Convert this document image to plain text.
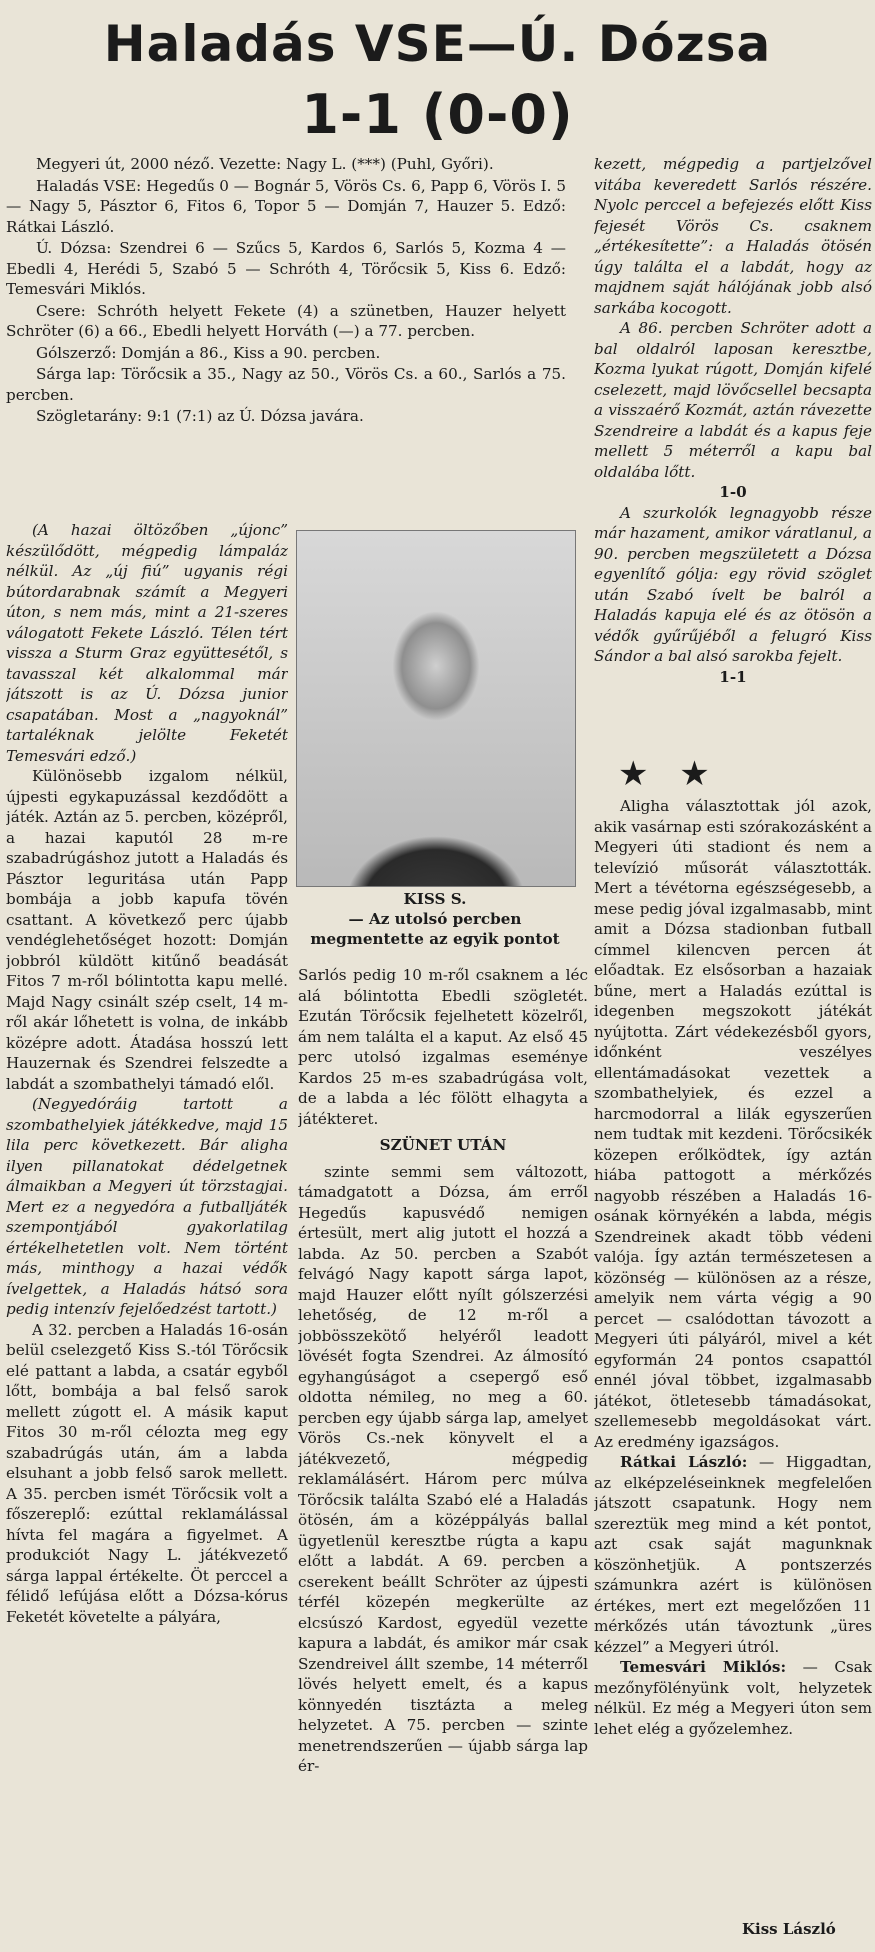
Haladás VSE—Ú. Dózsa
1-1 (0-0)

Megyeri út, 2000 néző. Vezette: Nagy L. (***) (Puhl, Győri).

Haladás VSE: Hegedűs 0 — Bognár 5, Vörös Cs. 6, Papp 6, Vörös I. 5 — Nagy 5, Pásztor 6, Fitos 6, Topor 5 — Domján 7, Hauzer 5. Edző: Rátkai László.

Ú. Dózsa: Szendrei 6 — Szűcs 5, Kardos 6, Sarlós 5, Kozma 4 — Ebedli 4, Herédi 5, Szabó 5 — Schróth 4, Törőcsik 5, Kiss 6. Edző: Temesvári Miklós.

Csere: Schróth helyett Fekete (4) a szünetben, Hauzer helyett Schröter (6) a 66., Ebedli helyett Horváth (—) a 77. percben.

Gólszerző: Domján a 86., Kiss a 90. percben.

Sárga lap: Törőcsik a 35., Nagy az 50., Vörös Cs. a 60., Sarlós a 75. percben.

Szögletarány: 9:1 (7:1) az Ú. Dózsa javára.

(A hazai öltözőben „újonc” készülődött, mégpedig lámpaláz nélkül. Az „új fiú” ugyanis régi bútordarabnak számít a Megyeri úton, s nem más, mint a 21-szeres válogatott Fekete László. Télen tért vissza a Sturm Graz együttesétől, s tavasszal két alkalommal már játszott is az Ú. Dózsa junior csapatában. Most a „nagyoknál” tartaléknak jelölte Feketét Temesvári edző.)

Különösebb izgalom nélkül, újpesti egykapuzással kezdődött a játék. Aztán az 5. percben, középről, a hazai kaputól 28 m-re szabadrúgáshoz jutott a Haladás és Pásztor leguritása után Papp bombája a jobb kapufa tövén csattant. A következő perc újabb vendéglehetőséget hozott: Domján jobbról küldött kitűnő beadását Fitos 7 m-ről bólintotta kapu mellé. Majd Nagy csinált szép cselt, 14 m-ről akár lőhetett is volna, de inkább középre adott. Átadása hosszú lett Hauzernak és Szendrei felszedte a labdát a szombathelyi támadó elől.

(Negyedóráig tartott a szombathelyiek játékkedve, majd 15 lila perc következett. Bár aligha ilyen pillanatokat dédelgetnek álmaikban a Megyeri út törzstagjai. Mert ez a negyedóra a futballjáték szempontjából gyakorlatilag értékelhetetlen volt. Nem történt más, minthogy a hazai védők ívelgettek, a Haladás hátsó sora pedig intenzív fejelőedzést tartott.)

A 32. percben a Haladás 16-osán belül cselezgető Kiss S.-tól Törőcsik elé pattant a labda, a csatár egyből lőtt, bombája a bal felső sarok mellett zúgott el. A másik kaput Fitos 30 m-ről célozta meg egy szabadrúgás után, ám a labda elsuhant a jobb felső sarok mellett. A 35. percben ismét Törőcsik volt a főszereplő: ezúttal reklamálással hívta fel magára a figyelmet. A produkciót Nagy L. játékvezető sárga lappal értékelte. Öt perccel a félidő lefújása előtt a Dózsa-kórus Feketét követelte a pályára,

KISS S.
— Az utolsó percben megmentette az egyik pontot

Sarlós pedig 10 m-ről csaknem a léc alá bólintotta Ebedli szögletét. Ezután Törőcsik fejelhetett közelről, ám nem találta el a kaput. Az első 45 perc utolsó izgalmas eseménye Kardos 25 m-es szabadrúgása volt, de a labda a léc fölött elhagyta a játékteret.

SZÜNET UTÁN

szinte semmi sem változott, támadgatott a Dózsa, ám erről Hegedűs kapusvédő nemigen értesült, mert alig jutott el hozzá a labda. Az 50. percben a Szabót felvágó Nagy kapott sárga lapot, majd Hauzer előtt nyílt gólszerzési lehetőség, de 12 m-ről a jobbösszekötő helyéről leadott lövését fogta Szendrei. Az álmosító egyhangúságot a csepergő eső oldotta némileg, no meg a 60. percben egy újabb sárga lap, amelyet Vörös Cs.-nek könyvelt el a játékvezető, mégpedig reklamálásért. Három perc múlva Törőcsik találta Szabó elé a Haladás ötösén, ám a középpályás ballal ügyetlenül keresztbe rúgta a kapu előtt a labdát. A 69. percben a cserekent beállt Schröter az újpesti térfél közepén megkerülte az elcsúszó Kardost, egyedül vezette kapura a labdát, és amikor már csak Szendreivel állt szembe, 14 méterről lövés helyett emelt, és a kapus könnyedén tisztázta a meleg helyzetet. A 75. percben — szinte menetrendszerűen — újabb sárga lap ér-

kezett, mégpedig a partjelzővel vitába keveredett Sarlós részére. Nyolc perccel a befejezés előtt Kiss fejesét Vörös Cs. csaknem „értékesítette”: a Haladás ötösén úgy találta el a labdát, hogy az majdnem saját hálójának jobb alsó sarkába kocogott.

A 86. percben Schröter adott a bal oldalról laposan keresztbe, Kozma lyukat rúgott, Domján kifelé cselezett, majd lövőcsellel becsapta a visszaérő Kozmát, aztán rávezette Szendreire a labdát és a kapus feje mellett 5 méterről a kapu bal oldalába lőtt.

1-0

A szurkolók legnagyobb része már hazament, amikor váratlanul, a 90. percben megszületett a Dózsa egyenlítő gólja: egy rövid szöglet után Szabó ívelt be balról a Haladás kapuja elé és az ötösön a védők gyűrűjéből a felugró Kiss Sándor a bal alsó sarokba fejelt.

1-1

Aligha választottak jól azok, akik vasárnap esti szórakozásként a Megyeri úti stadiont és nem a televízió műsorát választották. Mert a tévétorna egészségesebb, a mese pedig jóval izgalmasabb, mint amit a Dózsa stadionban futball címmel kilencven percen át előadtak. Ez elsősorban a hazaiak bűne, mert a Haladás ezúttal is idegenben megszokott játékát nyújtotta. Zárt védekezésből gyors, időnként veszélyes ellentámadásokat vezettek a szombathelyiek, és ezzel a harcmodorral a lilák egyszerűen nem tudtak mit kezdeni. Törőcsikék közepen erőlködtek, így aztán hiába pattogott a mérkőzés nagyobb részében a Haladás 16-osának környékén a labda, mégis Szendreinek akadt több védeni valója. Így aztán természetesen a közönség — különösen az a része, amelyik nem várta végig a 90 percet — csalódottan távozott a Megyeri úti pályáról, mivel a két egyformán 24 pontos csapattól ennél jóval többet, izgalmasabb játékot, ötletesebb támadásokat, szellemesebb megoldásokat várt. Az eredmény igazságos.

Rátkai László: — Higgadtan, az elképzeléseinknek megfelelően játszott csapatunk. Hogy nem szereztük meg mind a két pontot, azt csak saját magunknak köszönhetjük. A pontszerzés számunkra azért is különösen értékes, mert ezt megelőzően 11 mérkőzés után távoztunk „üres kézzel” a Megyeri útról.

Temesvári Miklós: — Csak mezőnyfölényünk volt, helyzetek nélkül. Ez még a Megyeri úton sem lehet elég a győzelemhez.

★ ★
Kiss László
